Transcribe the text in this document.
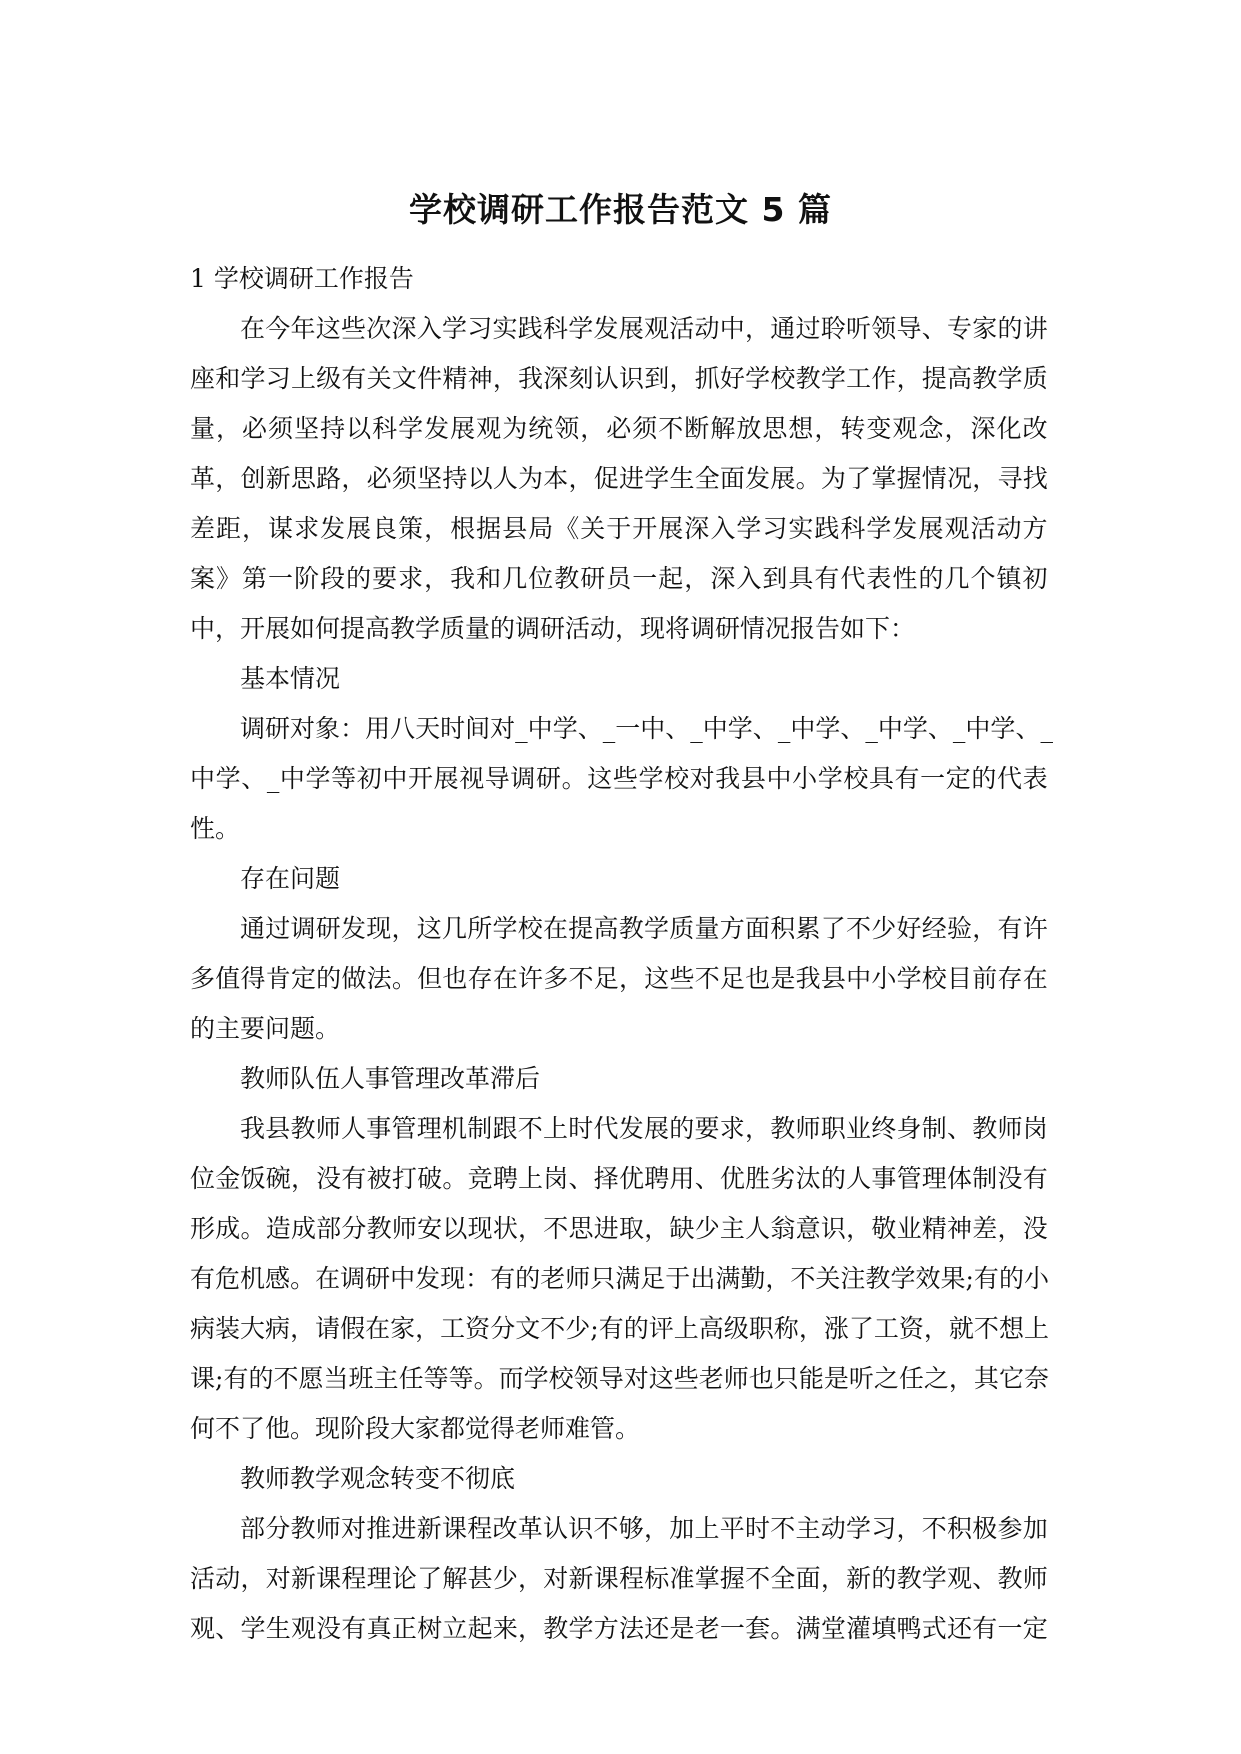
学校调研工作报告范文 5 篇
1 学校调研工作报告
在 今 年 这 些 次 深 入 学 习 实 践 科 学 发 展 观 活 动 中 ， 通 过 聆 听 领 导 、 专 家 的 讲
座 和 学 习 上 级 有 关 文 件 精 神 ， 我 深 刻 认 识 到 ， 抓 好 学 校 教 学 工 作 ， 提 高 教 学 质
量 ， 必 须 坚 持 以 科 学 发 展 观 为 统 领 ， 必 须 不 断 解 放 思 想 ， 转 变 观 念 ， 深 化 改
革 ， 创 新 思 路 ， 必 须 坚 持 以 人 为 本 ， 促 进 学 生 全 面 发 展 。 为 了 掌 握 情 况 ， 寻 找
差 距 ， 谋 求 发 展 良 策 ， 根 据 县 局 《 关 于 开 展 深 入 学 习 实 践 科 学 发 展 观 活 动 方
案 》 第 一 阶 段 的 要 求 ， 我 和 几 位 教 研 员 一 起 ， 深 入 到 具 有 代 表 性 的 几 个 镇 初
中，开展如何提高教学质量的调研活动，现将调研情况报告如下：
基本情况
调 研 对 象 ： 用 八 天 时 间 对 _ 中 学 、 _ 一 中 、 _ 中 学 、 _ 中 学 、 _ 中 学 、 _ 中 学 、 _
中 学 、 _ 中 学 等 初 中 开 展 视 导 调 研 。 这 些 学 校 对 我 县 中 小 学 校 具 有 一 定 的 代 表
性。
存在问题
通 过 调 研 发 现 ， 这 几 所 学 校 在 提 高 教 学 质 量 方 面 积 累 了 不 少 好 经 验 ， 有 许
多 值 得 肯 定 的 做 法 。 但 也 存 在 许 多 不 足 ， 这 些 不 足 也 是 我 县 中 小 学 校 目 前 存 在
的主要问题。
教师队伍人事管理改革滞后
我 县 教 师 人 事 管 理 机 制 跟 不 上 时 代 发 展 的 要 求 ， 教 师 职 业 终 身 制 、 教 师 岗
位 金 饭 碗 ， 没 有 被 打 破 。 竞 聘 上 岗 、 择 优 聘 用 、 优 胜 劣 汰 的 人 事 管 理 体 制 没 有
形 成 。 造 成 部 分 教 师 安 以 现 状 ， 不 思 进 取 ， 缺 少 主 人 翁 意 识 ， 敬 业 精 神 差 ， 没
有 危 机 感 。 在 调 研 中 发 现 ： 有 的 老 师 只 满 足 于 出 满 勤 ， 不 关 注 教 学 效 果 ; 有 的 小
病 装 大 病 ， 请 假 在 家 ， 工 资 分 文 不 少 ; 有 的 评 上 高 级 职 称 ， 涨 了 工 资 ， 就 不 想 上
课 ; 有 的 不 愿 当 班 主 任 等 等 。 而 学 校 领 导 对 这 些 老 师 也 只 能 是 听 之 任 之 ， 其 它 奈
何不了他。现阶段大家都觉得老师难管。
教师教学观念转变不彻底
部 分 教 师 对 推 进 新 课 程 改 革 认 识 不 够 ， 加 上 平 时 不 主 动 学 习 ， 不 积 极 参 加
活 动 ， 对 新 课 程 理 论 了 解 甚 少 ， 对 新 课 程 标 准 掌 握 不 全 面 ， 新 的 教 学 观 、 教 师
观 、 学 生 观 没 有 真 正 树 立 起 来 ， 教 学 方 法 还 是 老 一 套 。 满 堂 灌 填 鸭 式 还 有 一 定
